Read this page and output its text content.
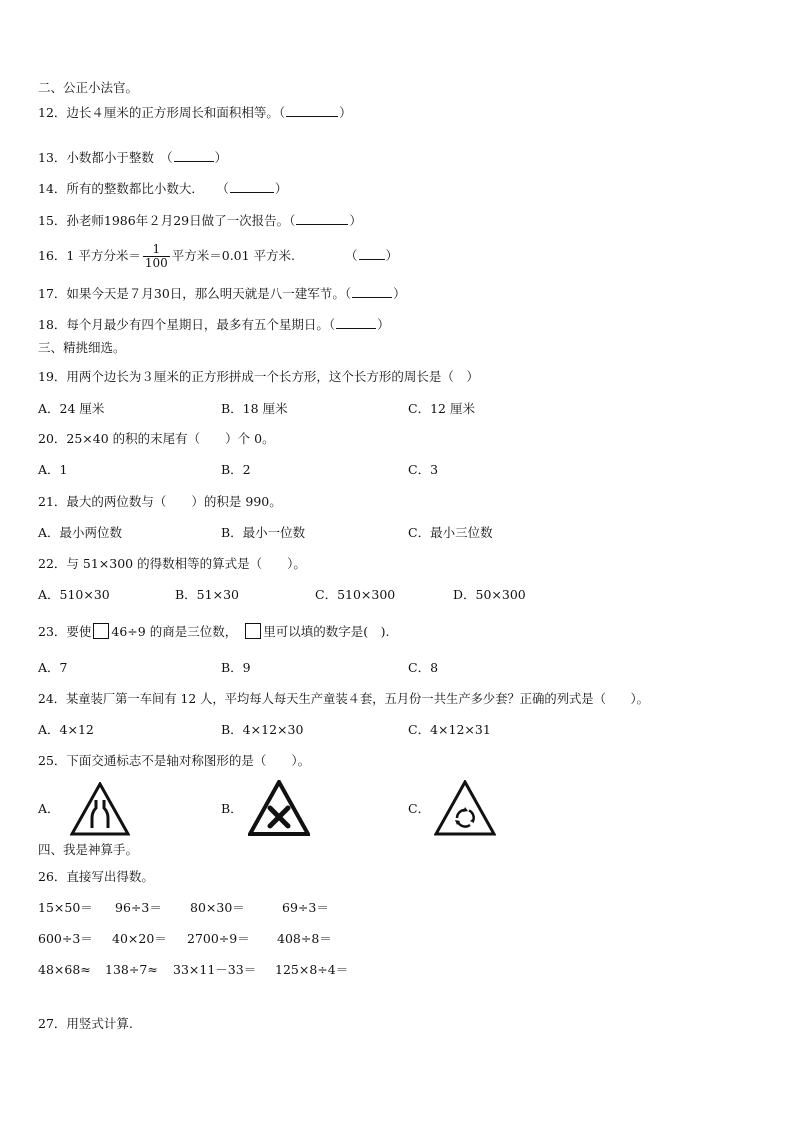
二、公正小法官。
12．边长４厘米的正方形周长和面积相等。（	）
13．小数都小于整数　（	）
14．所有的整数都比小数大．　　（	）
15．孙老师1986年２月29日做了一次报告。（	）
16．1 平方分米＝ $\frac{1}{100}$ 平方米＝0.01 平方米.	（ ）
17．如果今天是７月30日，那么明天就是八一建军节。（	）
18．每个月最少有四个星期日，最多有五个星期日。（	）
三、精挑细选。
19．用两个边长为３厘米的正方形拼成一个长方形，这个长方形的周长是（　）
A．24 厘米	B．18 厘米	C．12 厘米
20．25×40 的积的末尾有（　　）个 0。
A．1	B．2	C．3
21．最大的两位数与（　　）的积是 990。
A．最小两位数	B．最小一位数	C．最小三位数
22．与 51×300 的得数相等的算式是（　　）。
A．510×30	B．51×30	C．510×300	D．50×300
23．要使 46÷9 的商是三位数， 里可以填的数字是(　).
A．7	B．9	C．8
24．某童装厂第一车间有 12 人，平均每人每天生产童装４套，五月份一共生产多少套？正确的列式是（　　）。
A．4×12	B．4×12×30	C．4×12×31
25．下面交通标志不是轴对称图形的是（　　）。
A．	B．	C．
四、我是神算手。
26．直接写出得数。
15×50＝ 96÷3＝ 80×30＝	69÷3＝
600÷3＝ 40×20＝ 2700÷9＝ 408÷8＝
48×68≈ 138÷7≈ 33×11－33＝ 125×8÷4＝
27．用竖式计算.
